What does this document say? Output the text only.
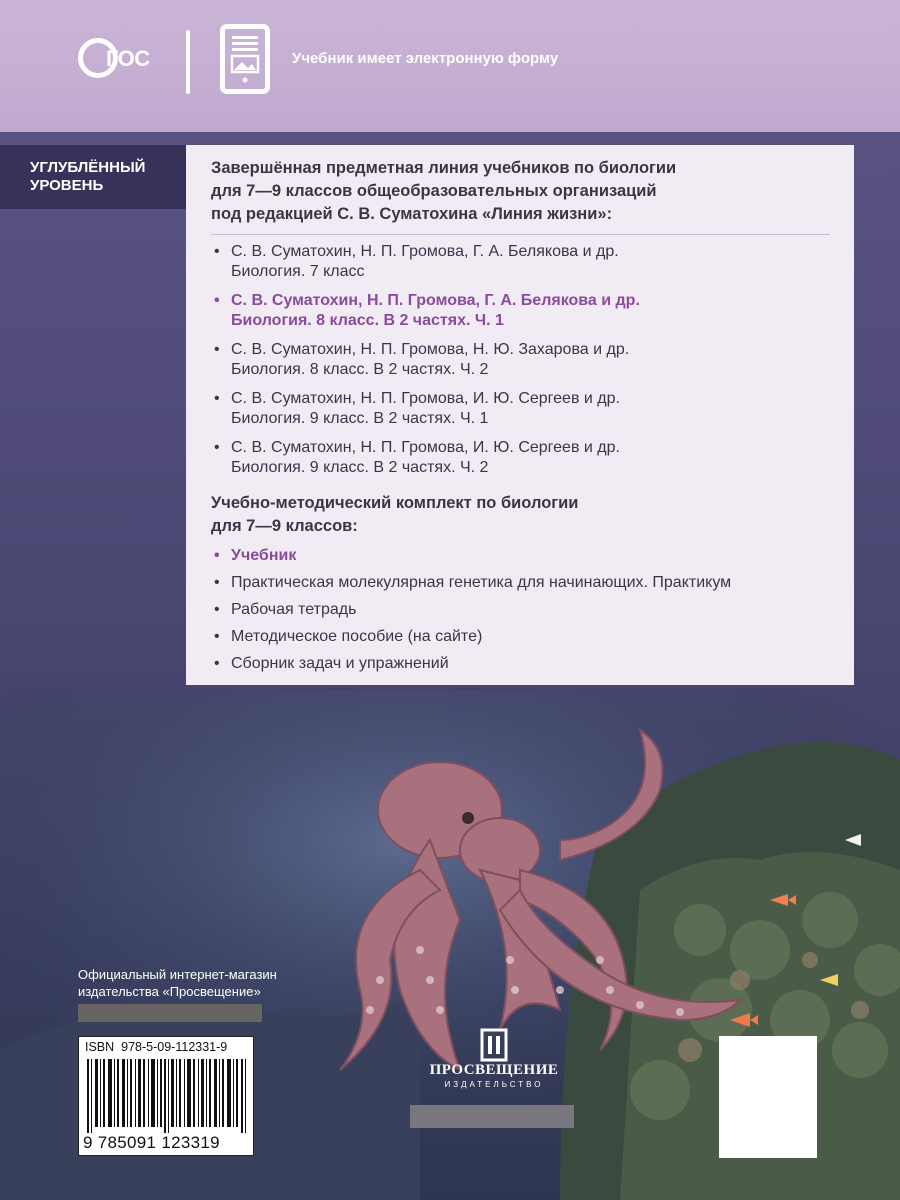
ГОС	Учебник имеет электронную форму
УГЛУБЛЁННЫЙ
УРОВЕНЬ
Завершённая предметная линия учебников по биологии
для 7—9 классов общеобразовательных организаций
под редакцией С. В. Суматохина «Линия жизни»:
• С. В. Суматохин, Н. П. Громова, Г. А. Белякова и др.
Биология. 7 класс
• С. В. Суматохин, Н. П. Громова, Г. А. Белякова и др.
Биология. 8 класс. В 2 частях. Ч. 1
• С. В. Суматохин, Н. П. Громова, Н. Ю. Захарова и др.
Биология. 8 класс. В 2 частях. Ч. 2
• С. В. Суматохин, Н. П. Громова, И. Ю. Сергеев и др.
Биология. 9 класс. В 2 частях. Ч. 1
• С. В. Суматохин, Н. П. Громова, И. Ю. Сергеев и др.
Биология. 9 класс. В 2 частях. Ч. 2
Учебно-методический комплект по биологии
для 7—9 классов:
• Учебник
• Практическая молекулярная генетика для начинающих. Практикум
• Рабочая тетрадь
• Методическое пособие (на сайте)
• Сборник задач и упражнений
Официальный интернет-магазин
издательства «Просвещение»
ISBN 978-5-09-112331-9
9 785091 123319
ПРОСВЕЩЕНИЕ
ИЗДАТЕЛЬСТВО
